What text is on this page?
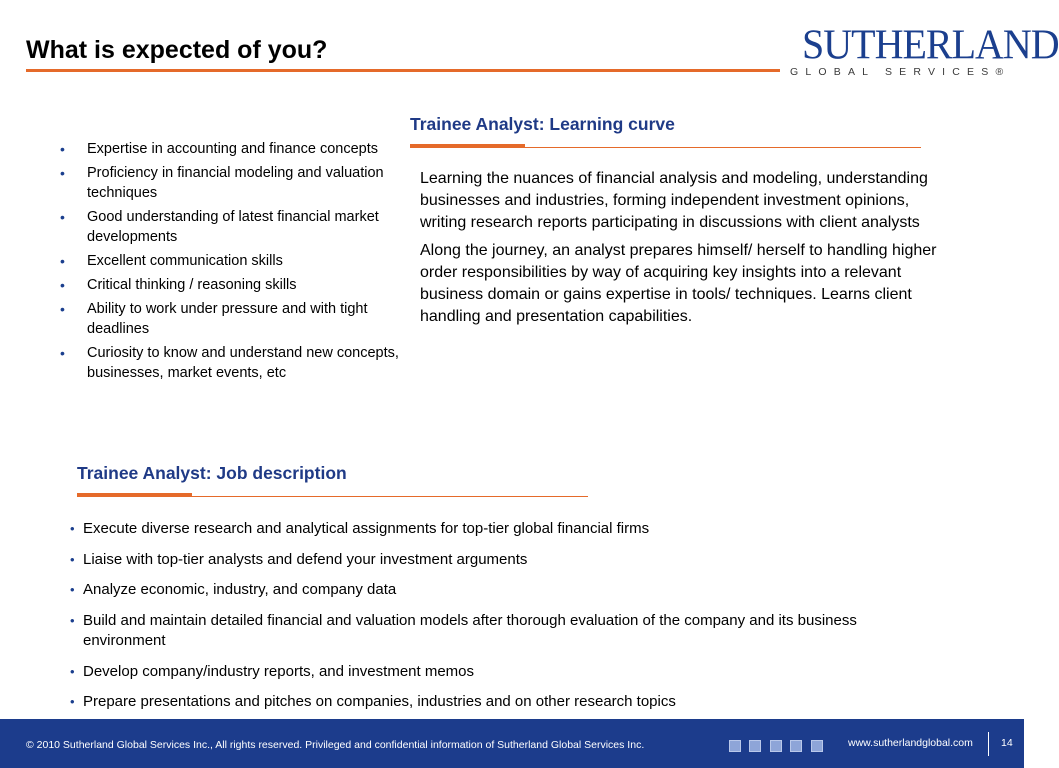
What is expected of you?	SUTHERLAND
GLOBAL SERVICES®
• Expertise in accounting and finance concepts
• Proficiency in financial modeling and valuation techniques
• Good understanding of latest financial market developments
• Excellent communication skills
• Critical thinking / reasoning skills
• Ability to work under pressure and with tight deadlines
• Curiosity to know and understand new concepts, businesses, market events, etc
Trainee Analyst: Learning curve

Learning the nuances of financial analysis and modeling, understanding businesses and industries, forming independent investment opinions, writing research reports participating in discussions with client analysts

Along the journey, an analyst prepares himself/ herself to handling higher order responsibilities by way of acquiring key insights into a relevant business domain or gains expertise in tools/ techniques. Learns client handling and presentation capabilities.

Trainee Analyst: Job description
• Execute diverse research and analytical assignments for top-tier global financial firms
• Liaise with top-tier analysts and defend your investment arguments
• Analyze economic, industry, and company data
• Build and maintain detailed financial and valuation models after thorough evaluation of the company and its business environment
• Develop company/industry reports, and investment memos
• Prepare presentations and pitches on companies, industries and on other research topics
© 2010 Sutherland Global Services Inc., All rights reserved. Privileged and confidential information of Sutherland Global Services Inc.	www.sutherlandglobal.com	14
